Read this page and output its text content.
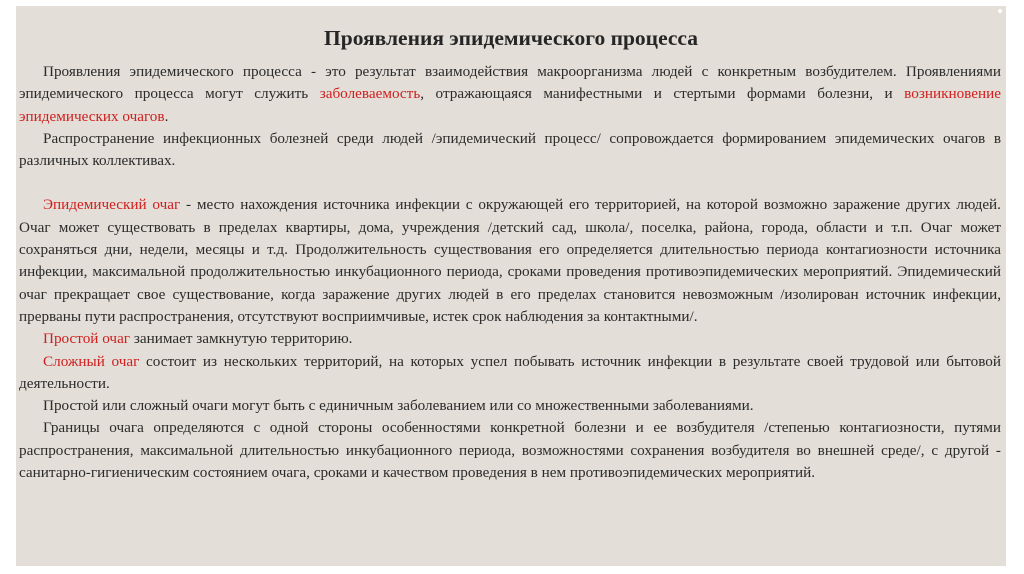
Проявления эпидемического процесса

Проявления эпидемического процесса - это результат взаимодействия макроорганизма людей с конкретным возбудителем. Проявлениями эпидемического процесса могут служить заболеваемость, отражающаяся манифестными и стертыми формами болезни, и возникновение эпидемических очагов.

Распространение инфекционных болезней среди людей /эпидемический процесс/ сопровождается формированием эпидемических очагов в различных коллективах.

Эпидемический очаг - место нахождения источника инфекции с окружающей его территорией, на которой возможно заражение других людей. Очаг может существовать в пределах квартиры, дома, учреждения /детский сад, школа/, поселка, района, города, области и т.п. Очаг может сохраняться дни, недели, месяцы и т.д. Продолжительность существования его определяется длительностью периода контагиозности источника инфекции, максимальной продолжительностью инкубационного периода, сроками проведения противоэпидемических мероприятий. Эпидемический очаг прекращает свое существование, когда заражение других людей в его пределах становится невозможным /изолирован источник инфекции, прерваны пути распространения, отсутствуют восприимчивые, истек срок наблюдения за контактными/.

Простой очаг занимает замкнутую территорию.

Сложный очаг состоит из нескольких территорий, на которых успел побывать источник инфекции в результате своей трудовой или бытовой деятельности.

Простой или сложный очаги могут быть с единичным заболеванием или со множественными заболеваниями.

Границы очага определяются с одной стороны особенностями конкретной болезни и ее возбудителя /степенью контагиозности, путями распространения, максимальной длительностью инкубационного периода, возможностями сохранения возбудителя во внешней среде/, с другой - санитарно-гигиеническим состоянием очага, сроками и качеством проведения в нем противоэпидемических мероприятий.
